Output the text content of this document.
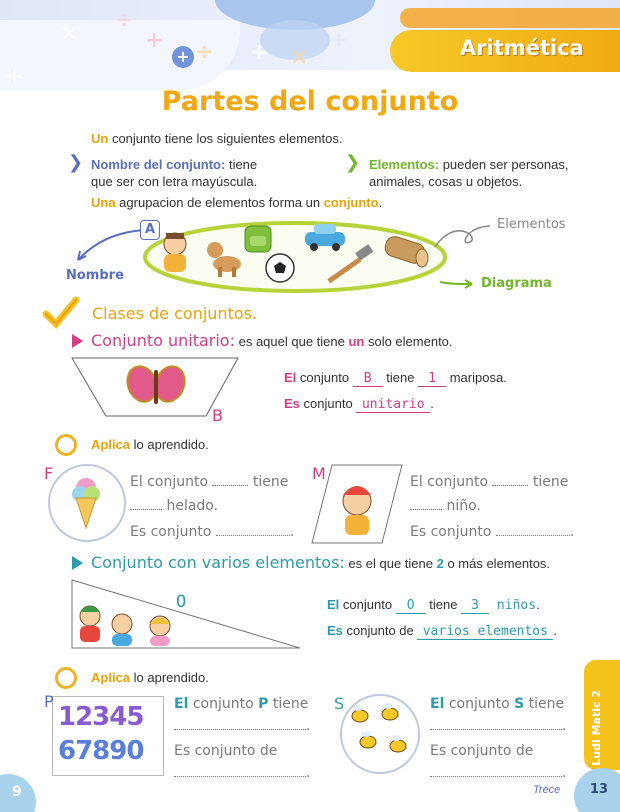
✕
÷
+ ÷ + ✕
÷
+
+
Aritmética
Partes del conjunto
Un conjunto tiene los siguientes elementos.
❯ Nombre del conjunto: tiene
que ser con letra mayúscula.
❯ Elementos: pueden ser personas,
animales, cosas u objetos.
Una agrupacion de elementos forma un conjunto.
A
Nombre
Elementos
Diagrama
Clases de conjuntos.
Conjunto unitario: es aquel que tiene un solo elemento.
B
El conjunto B tiene 1 mariposa.
Es conjunto unitario .
Aplica lo aprendido.
F	El conjunto	tiene
helado.
Es conjunto	.
M	El conjunto	tiene
niño.
Es conjunto	.
Conjunto con varios elementos: es el que tiene 2 o más elementos.
O	El conjunto O tiene 3 niños.
Es conjunto de varios elementos .
Aplica lo aprendido.
P
12345
67890
El conjunto P tiene
.
Es conjunto de
.
S	El conjunto S tiene
.
Es conjunto de
.
Ludi Matic 2
9	Trece 13
